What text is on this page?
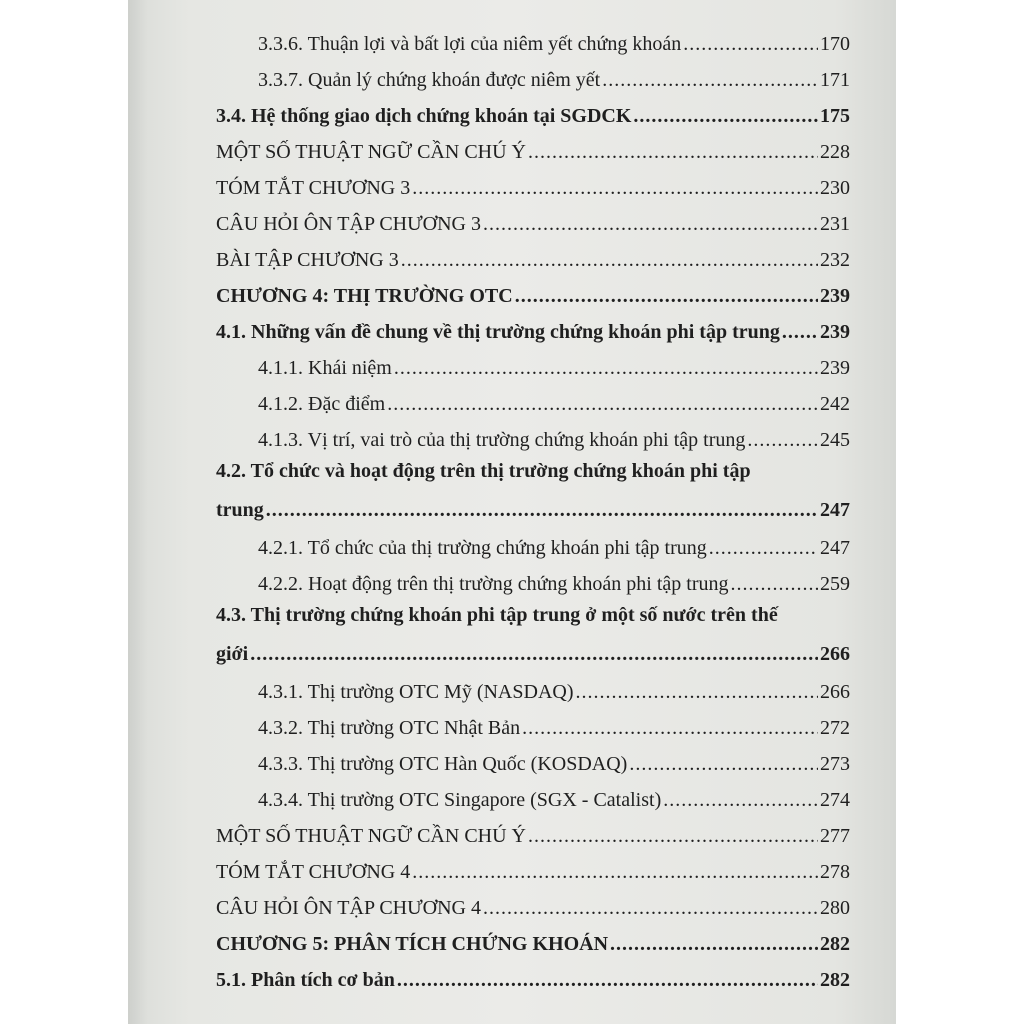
3.3.6. Thuận lợi và bất lợi của niêm yết chứng khoán .....	170
3.3.7. Quản lý chứng khoán được niêm yết .....	171
3.4. Hệ thống giao dịch chứng khoán tại SGDCK .....	175
MỘT SỐ THUẬT NGỮ CẦN CHÚ Ý .....	228
TÓM TẮT CHƯƠNG 3 .....	230
CÂU HỎI ÔN TẬP CHƯƠNG 3 .....	231
BÀI TẬP CHƯƠNG 3 .....	232
CHƯƠNG 4: THỊ TRƯỜNG OTC .....	239
4.1. Những vấn đề chung về thị trường chứng khoán phi tập trung ..... 239
4.1.1. Khái niệm .....	239
4.1.2. Đặc điểm .....	242
4.1.3. Vị trí, vai trò của thị trường chứng khoán phi tập trung .....	245
4.2. Tổ chức và hoạt động trên thị trường chứng khoán phi tập
trung .....	247
4.2.1. Tổ chức của thị trường chứng khoán phi tập trung .....	247
4.2.2. Hoạt động trên thị trường chứng khoán phi tập trung .....	259
4.3. Thị trường chứng khoán phi tập trung ở một số nước trên thế
giới .....	266
4.3.1. Thị trường OTC Mỹ (NASDAQ) .....	266
4.3.2. Thị trường OTC Nhật Bản .....	272
4.3.3. Thị trường OTC Hàn Quốc (KOSDAQ) .....	273
4.3.4. Thị trường OTC Singapore (SGX - Catalist) .....	274
MỘT SỐ THUẬT NGỮ CẦN CHÚ Ý .....	277
TÓM TẮT CHƯƠNG 4 .....	278
CÂU HỎI ÔN TẬP CHƯƠNG 4 .....	280
CHƯƠNG 5: PHÂN TÍCH CHỨNG KHOÁN .....	282
5.1. Phân tích cơ bản .....	282
